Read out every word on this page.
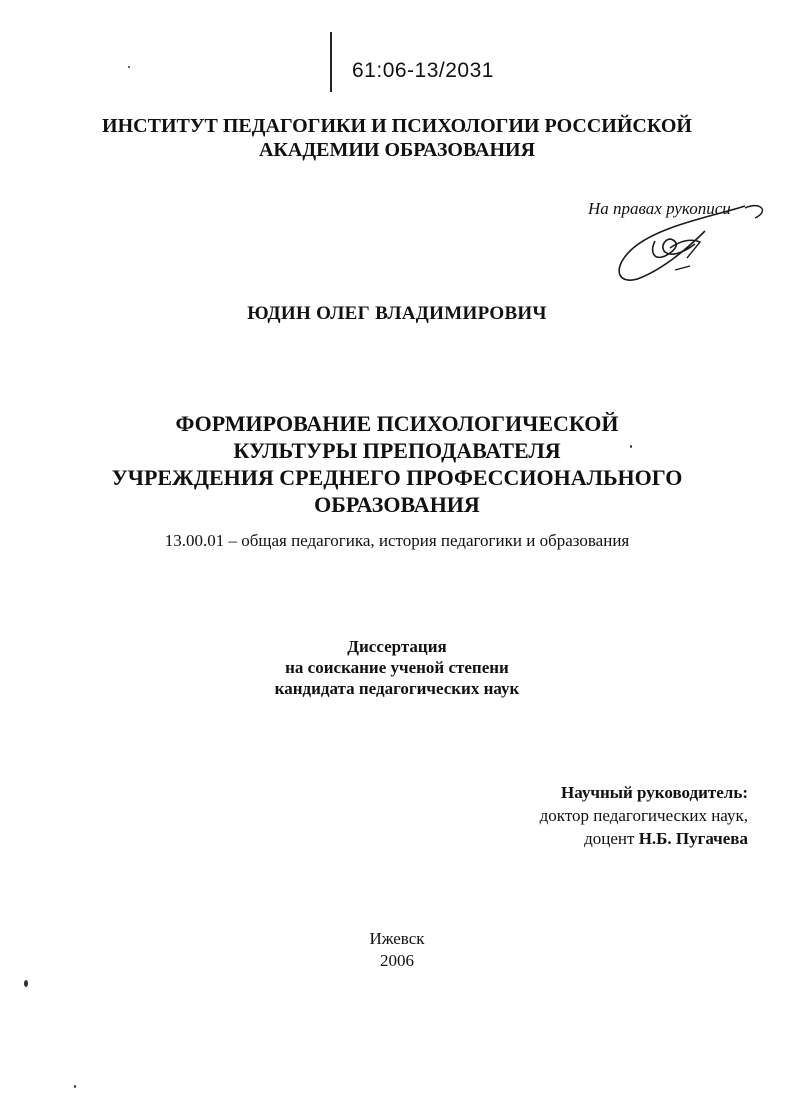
61:06-13/2031
ИНСТИТУТ ПЕДАГОГИКИ И ПСИХОЛОГИИ РОССИЙСКОЙ
АКАДЕМИИ ОБРАЗОВАНИЯ
На правах рукописи
ЮДИН ОЛЕГ ВЛАДИМИРОВИЧ
ФОРМИРОВАНИЕ ПСИХОЛОГИЧЕСКОЙ
КУЛЬТУРЫ ПРЕПОДАВАТЕЛЯ
УЧРЕЖДЕНИЯ СРЕДНЕГО ПРОФЕССИОНАЛЬНОГО
ОБРАЗОВАНИЯ
13.00.01 – общая педагогика, история педагогики и образования
Диссертация
на соискание ученой степени
кандидата педагогических наук
Научный руководитель:
доктор педагогических наук,
доцент Н.Б. Пугачева
Ижевск
2006
